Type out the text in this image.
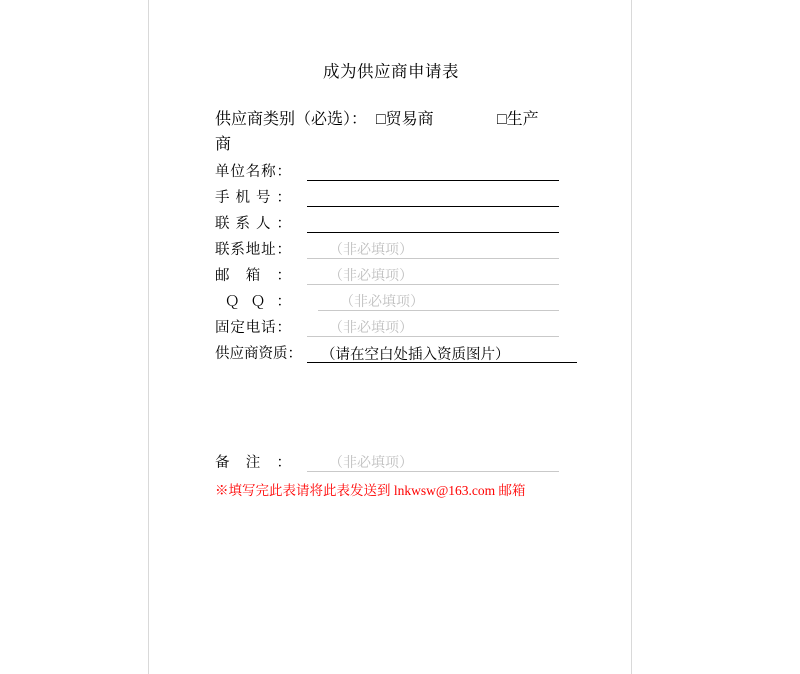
成为供应商申请表
供应商类别（必选）： □贸易商	□生产
商
单位名称：
手机号：
联系人：
联系地址：	（非必填项）
邮箱：	（非必填项）
ＱＱ：	（非必填项）
固定电话：	（非必填项）
供应商资质： （请在空白处插入资质图片）
备注：	（非必填项）
※填写完此表请将此表发送到 lnkwsw@163.com 邮箱
